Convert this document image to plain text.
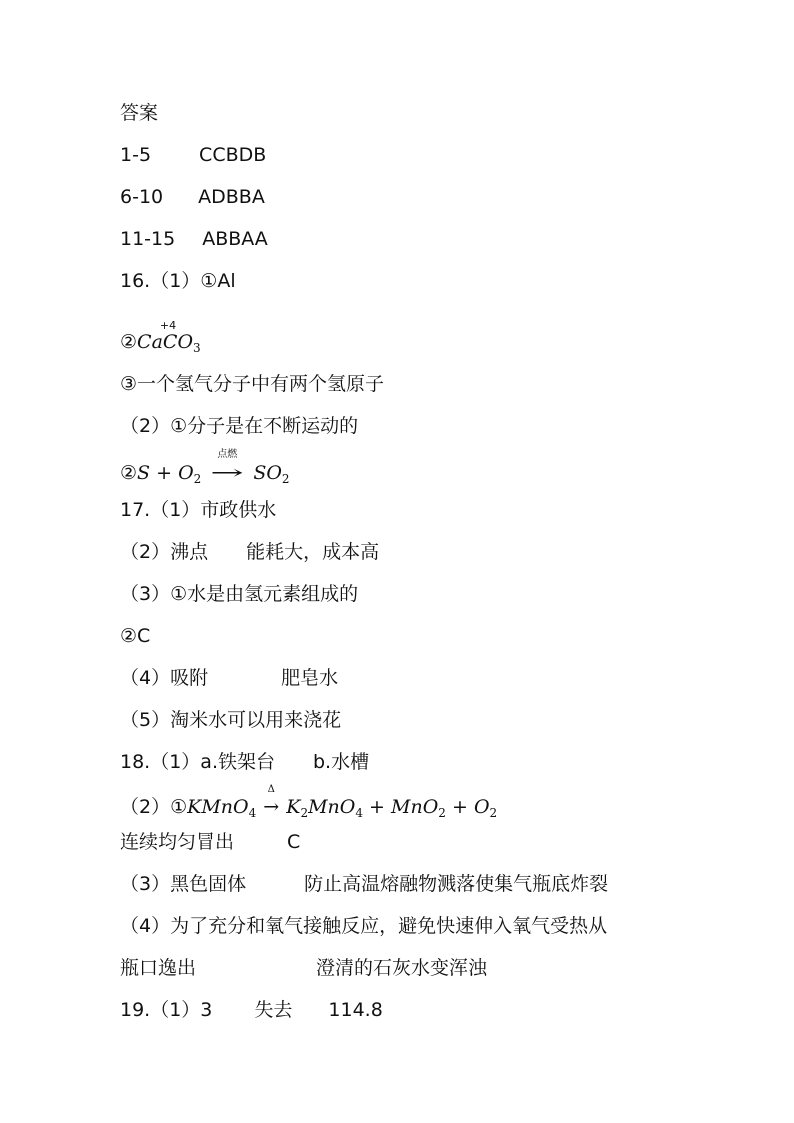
答案
1-5	CCBDB
6-10 ADBBA
11-15 ABBAA
16.（1）①Al
②Ca
+4
$CO_3$
③一个氢气分子中有两个氢原子
（2）①分子是在不断运动的
②S + $O_2$
点燃
→ $SO_2$
17.（1）市政供水
（2）沸点 能耗大，成本高
（3）①水是由氢元素组成的
②C
（4）吸附	肥皂水
（5）淘米水可以用来浇花
18.（1）a.铁架台 b.水槽
（2）①KMnO$_4$
Δ
→ $K_2MnO_4 + MnO_2 + O_2$
连续均匀冒出	C
（3）黑色固体	防止高温熔融物溅落使集气瓶底炸裂
（4）为了充分和氧气接触反应，避免快速伸入氧气受热从
瓶口逸出	澄清的石灰水变浑浊
19.（1）3 失去 114.8
